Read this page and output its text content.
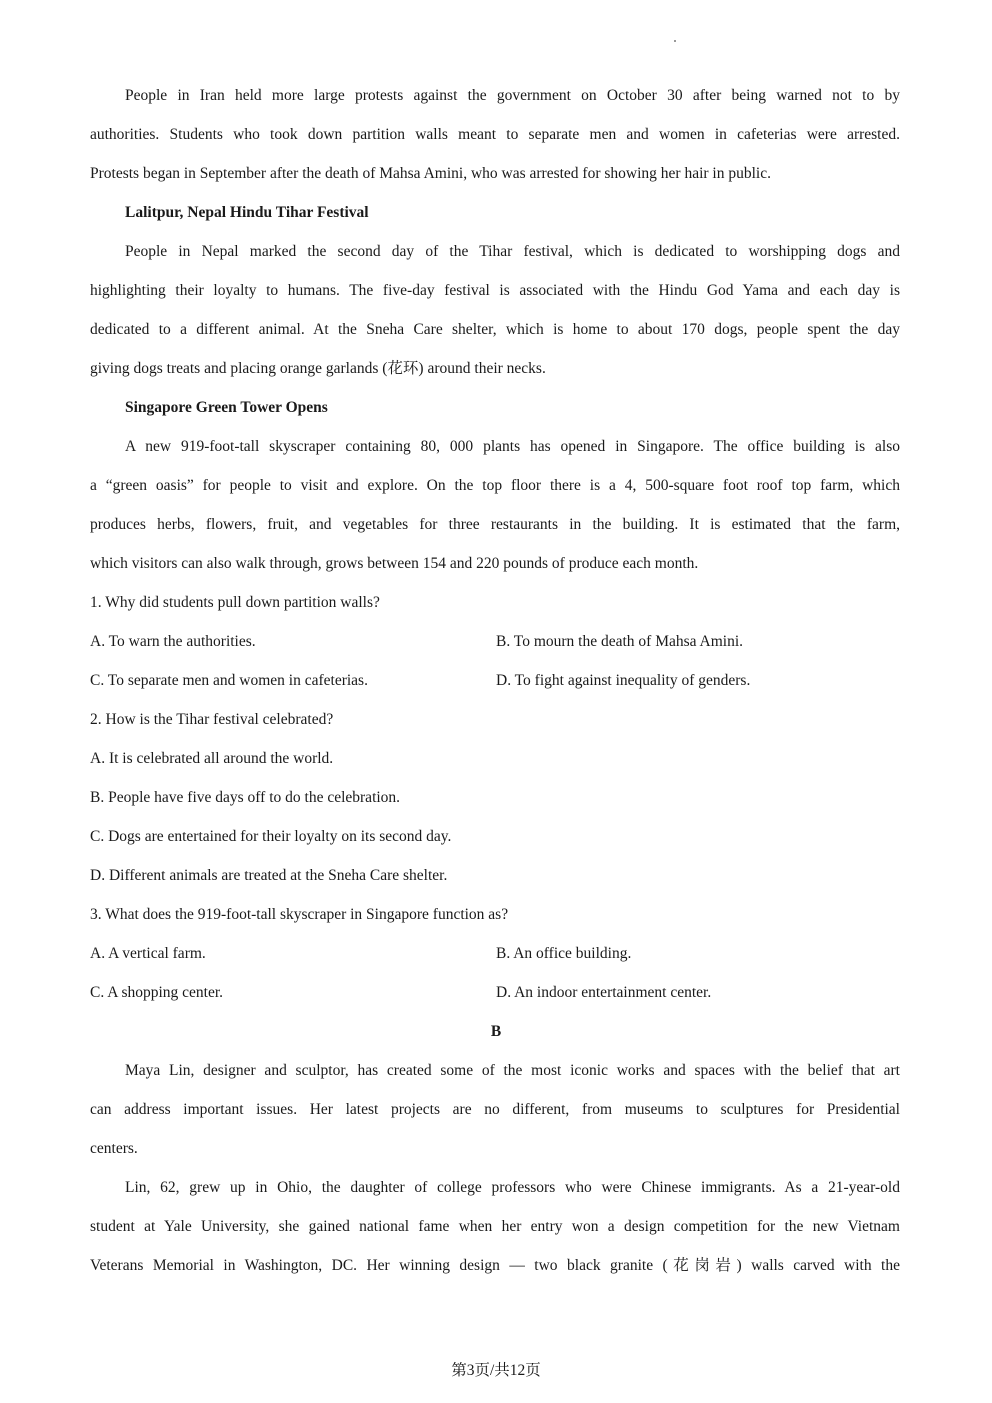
People in Iran held more large protests against the government on October 30 after being warned not to by
authorities. Students who took down partition walls meant to separate men and women in cafeterias were arrested.
Protests began in September after the death of Mahsa Amini, who was arrested for showing her hair in public.
Lalitpur, Nepal Hindu Tihar Festival
People in Nepal marked the second day of the Tihar festival, which is dedicated to worshipping dogs and
highlighting their loyalty to humans. The five-day festival is associated with the Hindu God Yama and each day is
dedicated to a different animal. At the Sneha Care shelter, which is home to about 170 dogs, people spent the day
giving dogs treats and placing orange garlands (花环) around their necks.
Singapore Green Tower Opens
A new 919-foot-tall skyscraper containing 80, 000 plants has opened in Singapore. The office building is also
a “green oasis” for people to visit and explore. On the top floor there is a 4, 500-square foot roof top farm, which
produces herbs, flowers, fruit, and vegetables for three restaurants in the building. It is estimated that the farm,
which visitors can also walk through, grows between 154 and 220 pounds of produce each month.
1. Why did students pull down partition walls?
A. To warn the authorities.	B. To mourn the death of Mahsa Amini.
C. To separate men and women in cafeterias.	D. To fight against inequality of genders.
2. How is the Tihar festival celebrated?
A. It is celebrated all around the world.
B. People have five days off to do the celebration.
C. Dogs are entertained for their loyalty on its second day.
D. Different animals are treated at the Sneha Care shelter.
3. What does the 919-foot-tall skyscraper in Singapore function as?
A. A vertical farm.	B. An office building.
C. A shopping center.	D. An indoor entertainment center.
B
Maya Lin, designer and sculptor, has created some of the most iconic works and spaces with the belief that art
can address important issues. Her latest projects are no different, from museums to sculptures for Presidential
centers.
Lin, 62, grew up in Ohio, the daughter of college professors who were Chinese immigrants. As a 21-year-old
student at Yale University, she gained national fame when her entry won a design competition for the new Vietnam
Veterans Memorial in Washington, DC. Her winning design — two black granite (花岗岩) walls carved with the
第3页/共12页
